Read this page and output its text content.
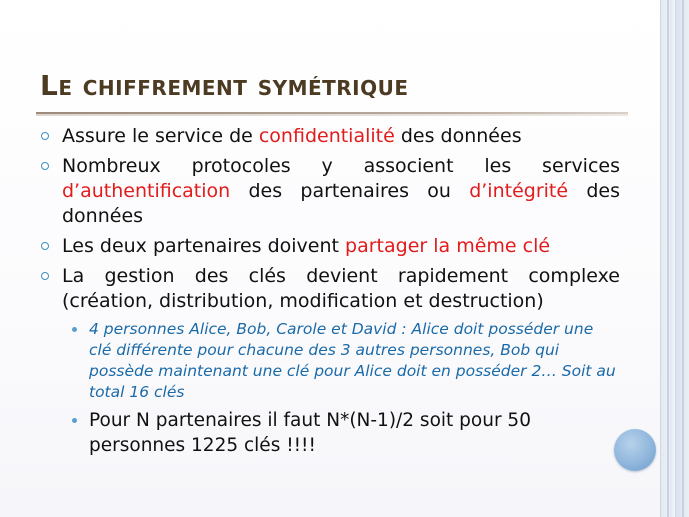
Le chiffrement symétrique
Assure le service de confidentialité des données
Nombreux protocoles y associent les services d’authentification des partenaires ou d’intégrité des données
Les deux partenaires doivent partager la même clé
La gestion des clés devient rapidement complexe (création, distribution, modification et destruction)
4 personnes Alice, Bob, Carole et David : Alice doit posséder une clé différente pour chacune des 3 autres personnes, Bob qui possède maintenant une clé pour Alice doit en posséder 2… Soit au total 16 clés
Pour N partenaires il faut N*(N-1)/2 soit pour 50 personnes 1225 clés !!!!
